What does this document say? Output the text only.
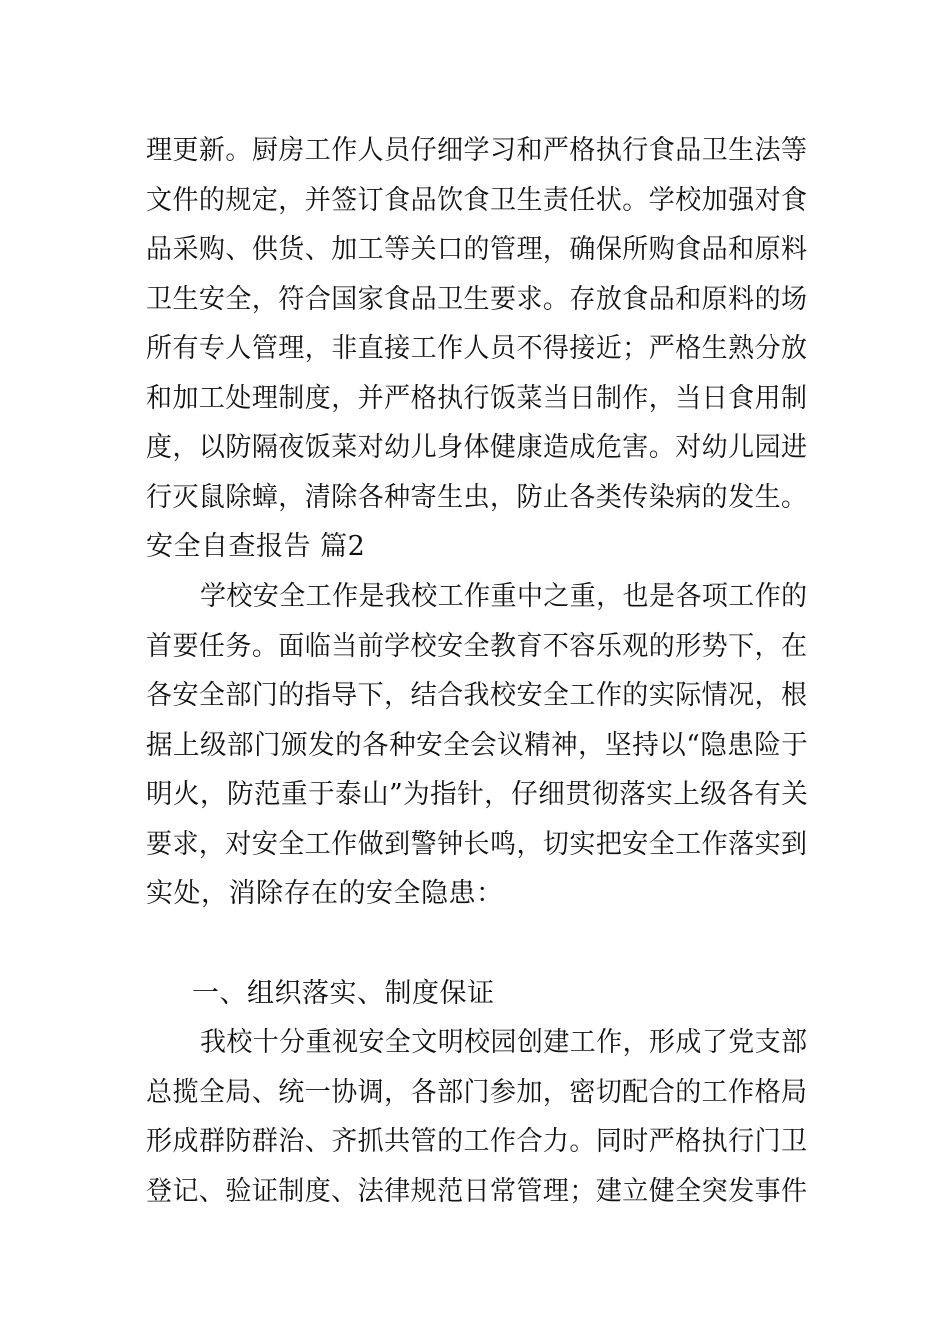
理更新。厨房工作人员仔细学习和严格执行食品卫生法等
文件的规定，并签订食品饮食卫生责任状。学校加强对食
品采购、供货、加工等关口的管理，确保所购食品和原料
卫生安全，符合国家食品卫生要求。存放食品和原料的场
所有专人管理，非直接工作人员不得接近；严格生熟分放
和加工处理制度，并严格执行饭菜当日制作，当日食用制
度，以防隔夜饭菜对幼儿身体健康造成危害。对幼儿园进
行灭鼠除蟑，清除各种寄生虫，防止各类传染病的发生。
安全自查报告 篇2
学校安全工作是我校工作重中之重，也是各项工作的
首要任务。面临当前学校安全教育不容乐观的形势下，在
各安全部门的指导下，结合我校安全工作的实际情况，根
据上级部门颁发的各种安全会议精神，坚持以“隐患险于
明火，防范重于泰山”为指针，仔细贯彻落实上级各有关
要求，对安全工作做到警钟长鸣，切实把安全工作落实到
实处，消除存在的安全隐患：
一、组织落实、制度保证
我校十分重视安全文明校园创建工作，形成了党支部
总揽全局、统一协调，各部门参加，密切配合的工作格局
形成群防群治、齐抓共管的工作合力。同时严格执行门卫
登记、验证制度、法律规范日常管理；建立健全突发事件
